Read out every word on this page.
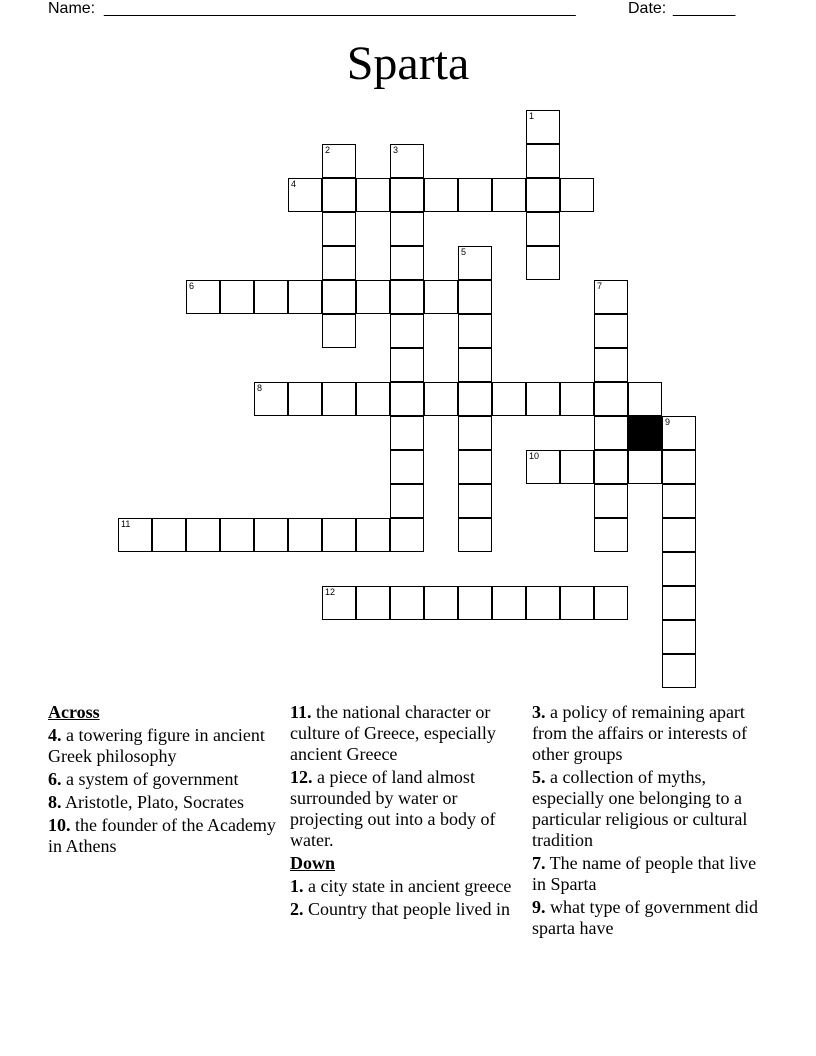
Name: _____________________________________________________	Date: _______
Sparta
1
2	3
4
5
6	7
8
9
10
11
12
Across
4. a towering figure in ancient Greek philosophy
6. a system of government
8. Aristotle, Plato, Socrates
10. the founder of the Academy in Athens
11. the national character or culture of Greece, especially ancient Greece
12. a piece of land almost surrounded by water or projecting out into a body of water.
Down
1. a city state in ancient greece
2. Country that people lived in
3. a policy of remaining apart from the affairs or interests of other groups
5. a collection of myths, especially one belonging to a particular religious or cultural tradition
7. The name of people that live in Sparta
9. what type of government did sparta have
